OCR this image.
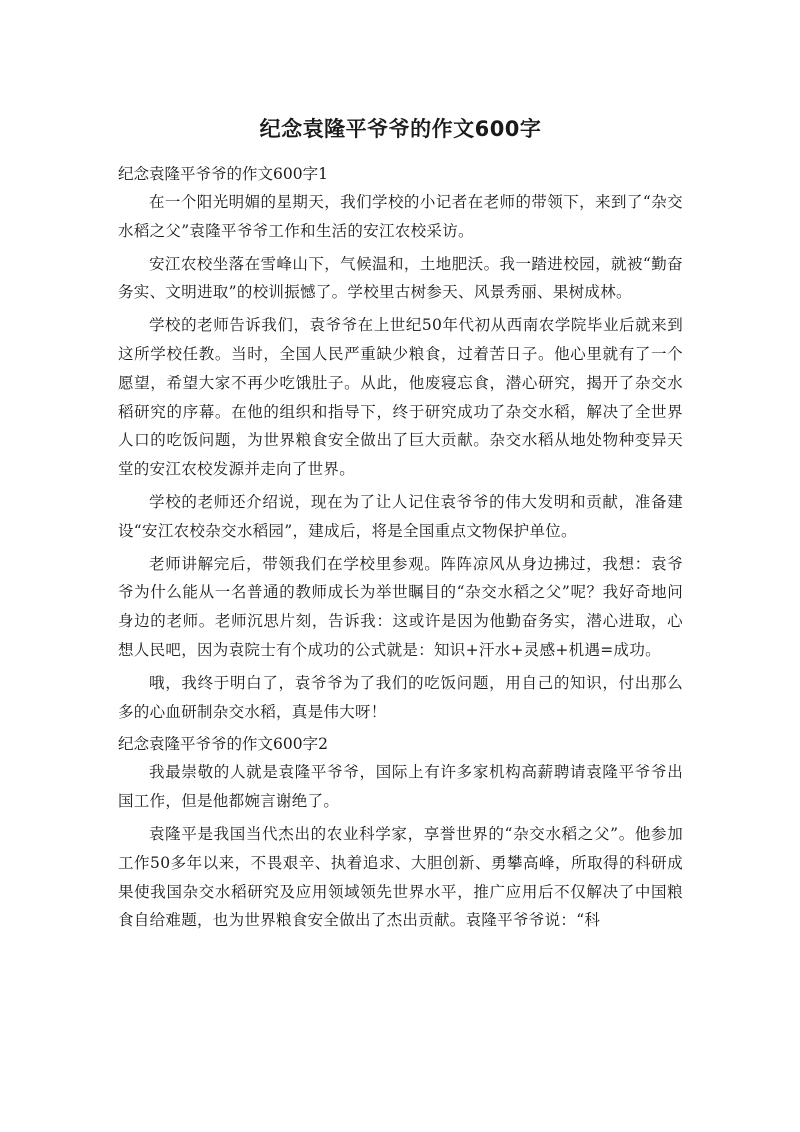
纪念袁隆平爷爷的作文600字

纪念袁隆平爷爷的作文600字1

在一个阳光明媚的星期天，我们学校的小记者在老师的带领下，来到了“杂交水稻之父”袁隆平爷爷工作和生活的安江农校采访。

安江农校坐落在雪峰山下，气候温和，土地肥沃。我一踏进校园，就被“勤奋务实、文明进取”的校训振憾了。学校里古树参天、风景秀丽、果树成林。

学校的老师告诉我们，袁爷爷在上世纪50年代初从西南农学院毕业后就来到这所学校任教。当时，全国人民严重缺少粮食，过着苦日子。他心里就有了一个愿望，希望大家不再少吃饿肚子。从此，他废寝忘食，潜心研究，揭开了杂交水稻研究的序幕。在他的组织和指导下，终于研究成功了杂交水稻，解决了全世界人口的吃饭问题，为世界粮食安全做出了巨大贡献。杂交水稻从地处物种变异天堂的安江农校发源并走向了世界。

学校的老师还介绍说，现在为了让人记住袁爷爷的伟大发明和贡献，准备建设“安江农校杂交水稻园”，建成后，将是全国重点文物保护单位。

老师讲解完后，带领我们在学校里参观。阵阵凉风从身边拂过，我想：袁爷爷为什么能从一名普通的教师成长为举世瞩目的“杂交水稻之父”呢？我好奇地问身边的老师。老师沉思片刻，告诉我：这或许是因为他勤奋务实，潜心进取，心想人民吧，因为袁院士有个成功的公式就是：知识+汗水+灵感+机遇=成功。

哦，我终于明白了，袁爷爷为了我们的吃饭问题，用自己的知识，付出那么多的心血研制杂交水稻，真是伟大呀！

纪念袁隆平爷爷的作文600字2

我最崇敬的人就是袁隆平爷爷，国际上有许多家机构高薪聘请袁隆平爷爷出国工作，但是他都婉言谢绝了。

袁隆平是我国当代杰出的农业科学家，享誉世界的“杂交水稻之父”。他参加工作50多年以来，不畏艰辛、执着追求、大胆创新、勇攀高峰，所取得的科研成果使我国杂交水稻研究及应用领域领先世界水平，推广应用后不仅解决了中国粮食自给难题，也为世界粮食安全做出了杰出贡献。袁隆平爷爷说：“科
